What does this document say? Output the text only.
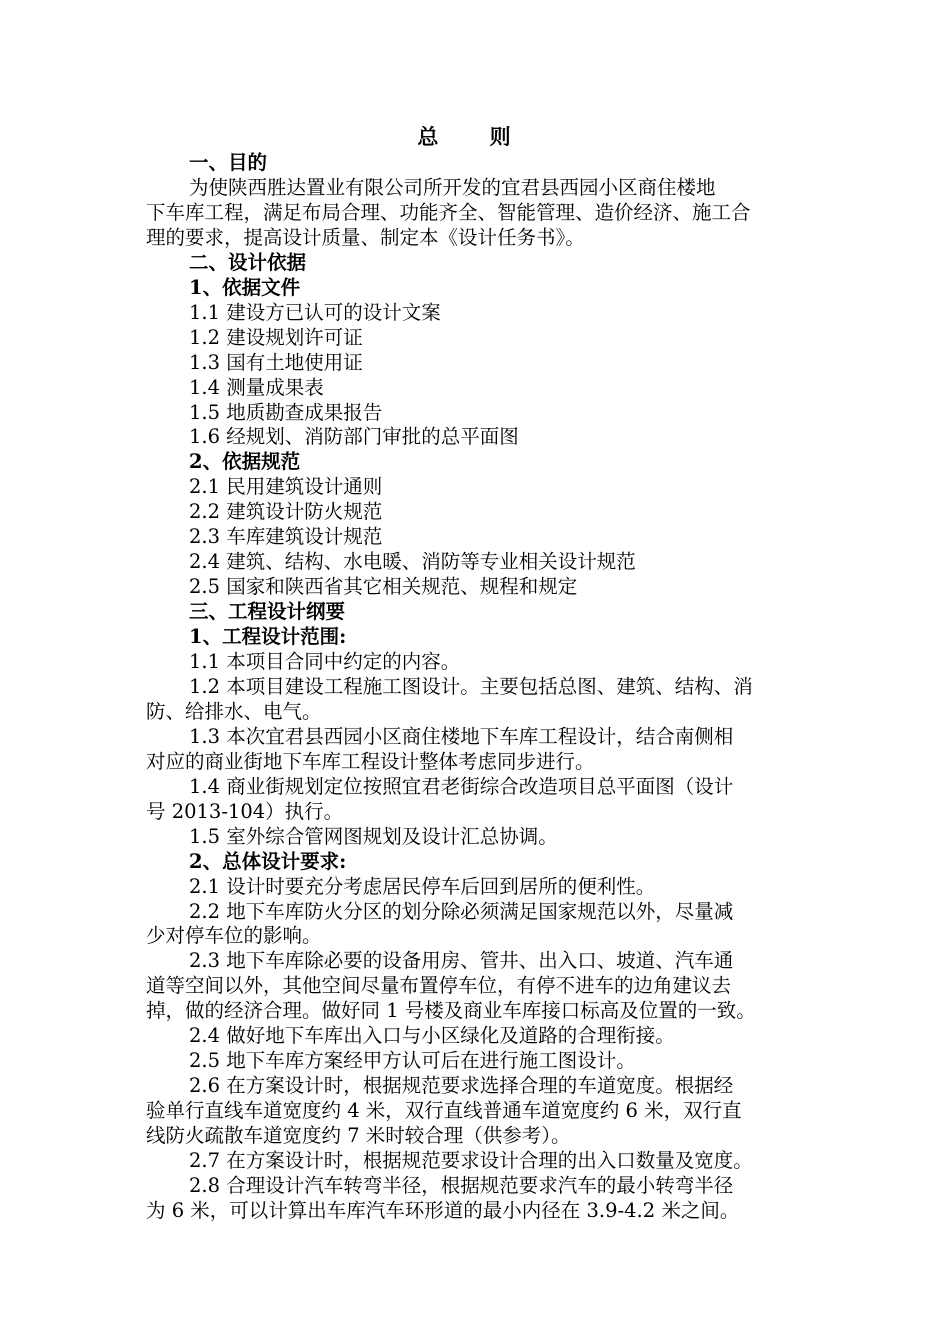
总 则
一、目的
为使陕西胜达置业有限公司所开发的宜君县西园小区商住楼地
下车库工程，满足布局合理、功能齐全、智能管理、造价经济、施工合
理的要求，提高设计质量、制定本《设计任务书》。
二、设计依据
1、依据文件
1.1 建设方已认可的设计文案
1.2 建设规划许可证
1.3 国有土地使用证
1.4 测量成果表
1.5 地质勘查成果报告
1.6 经规划、消防部门审批的总平面图
2、依据规范
2.1 民用建筑设计通则
2.2 建筑设计防火规范
2.3 车库建筑设计规范
2.4 建筑、结构、水电暖、消防等专业相关设计规范
2.5 国家和陕西省其它相关规范、规程和规定
三、工程设计纲要
1、工程设计范围:
1.1 本项目合同中约定的内容。
1.2 本项目建设工程施工图设计。主要包括总图、建筑、结构、消
防、给排水、电气。
1.3 本次宜君县西园小区商住楼地下车库工程设计，结合南侧相
对应的商业街地下车库工程设计整体考虑同步进行。
1.4 商业街规划定位按照宜君老街综合改造项目总平面图（设计
号 2013-104）执行。
1.5 室外综合管网图规划及设计汇总协调。
2、总体设计要求:
2.1 设计时要充分考虑居民停车后回到居所的便利性。
2.2 地下车库防火分区的划分除必须满足国家规范以外，尽量减
少对停车位的影响。
2.3 地下车库除必要的设备用房、管井、出入口、坡道、汽车通
道等空间以外，其他空间尽量布置停车位，有停不进车的边角建议去
掉，做的经济合理。做好同 1 号楼及商业车库接口标高及位置的一致。
2.4 做好地下车库出入口与小区绿化及道路的合理衔接。
2.5 地下车库方案经甲方认可后在进行施工图设计。
2.6 在方案设计时，根据规范要求选择合理的车道宽度。根据经
验单行直线车道宽度约 4 米，双行直线普通车道宽度约 6 米，双行直
线防火疏散车道宽度约 7 米时较合理（供参考）。
2.7 在方案设计时，根据规范要求设计合理的出入口数量及宽度。
2.8 合理设计汽车转弯半径，根据规范要求汽车的最小转弯半径
为 6 米，可以计算出车库汽车环形道的最小内径在 3.9-4.2 米之间。
